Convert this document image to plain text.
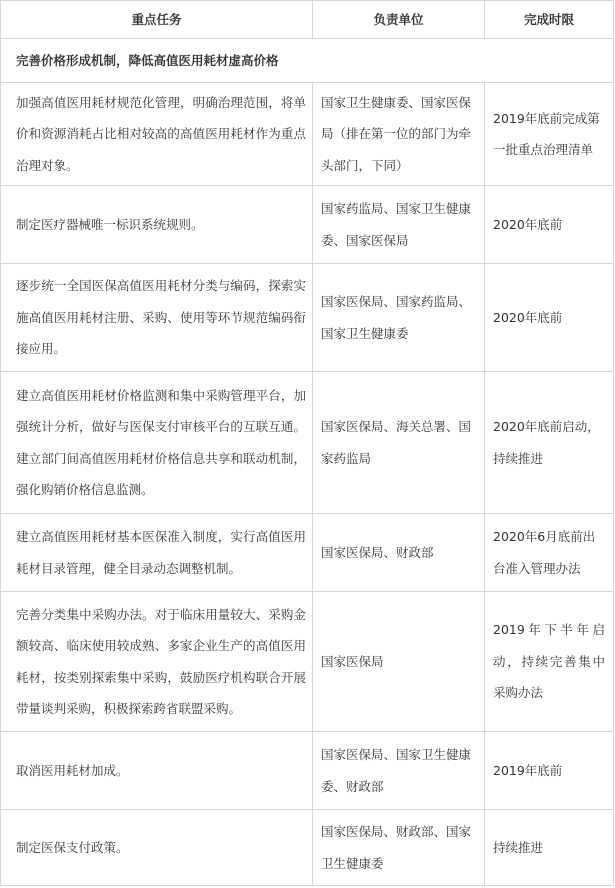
重点任务	负责单位	完成时限

完善价格形成机制，降低高值医用耗材虚高价格		

加强高值医用耗材规范化管理，明确治理范围，将单价和资源消耗占比相对较高的高值医用耗材作为重点治理对象。	国家卫生健康委、国家医保局（排在第一位的部门为牵头部门，下同）	2019年底前完成第一批重点治理清单

制定医疗器械唯一标识系统规则。	国家药监局、国家卫生健康委、国家医保局	2020年底前

逐步统一全国医保高值医用耗材分类与编码，探索实施高值医用耗材注册、采购、使用等环节规范编码衔接应用。	国家医保局、国家药监局、国家卫生健康委	2020年底前

建立高值医用耗材价格监测和集中采购管理平台，加强统计分析，做好与医保支付审核平台的互联互通。建立部门间高值医用耗材价格信息共享和联动机制，强化购销价格信息监测。	国家医保局、海关总署、国家药监局	2020年底前启动，持续推进

建立高值医用耗材基本医保准入制度，实行高值医用耗材目录管理，健全目录动态调整机制。	国家医保局、财政部	2020年6月底前出台准入管理办法

完善分类集中采购办法。对于临床用量较大、采购金额较高、临床使用较成熟、多家企业生产的高值医用耗材，按类别探索集中采购，鼓励医疗机构联合开展带量谈判采购，积极探索跨省联盟采购。	国家医保局	2019年下半年启动，持续完善集中采购办法

取消医用耗材加成。	国家医保局、国家卫生健康委、财政部	2019年底前

制定医保支付政策。	国家医保局、财政部、国家卫生健康委	持续推进
